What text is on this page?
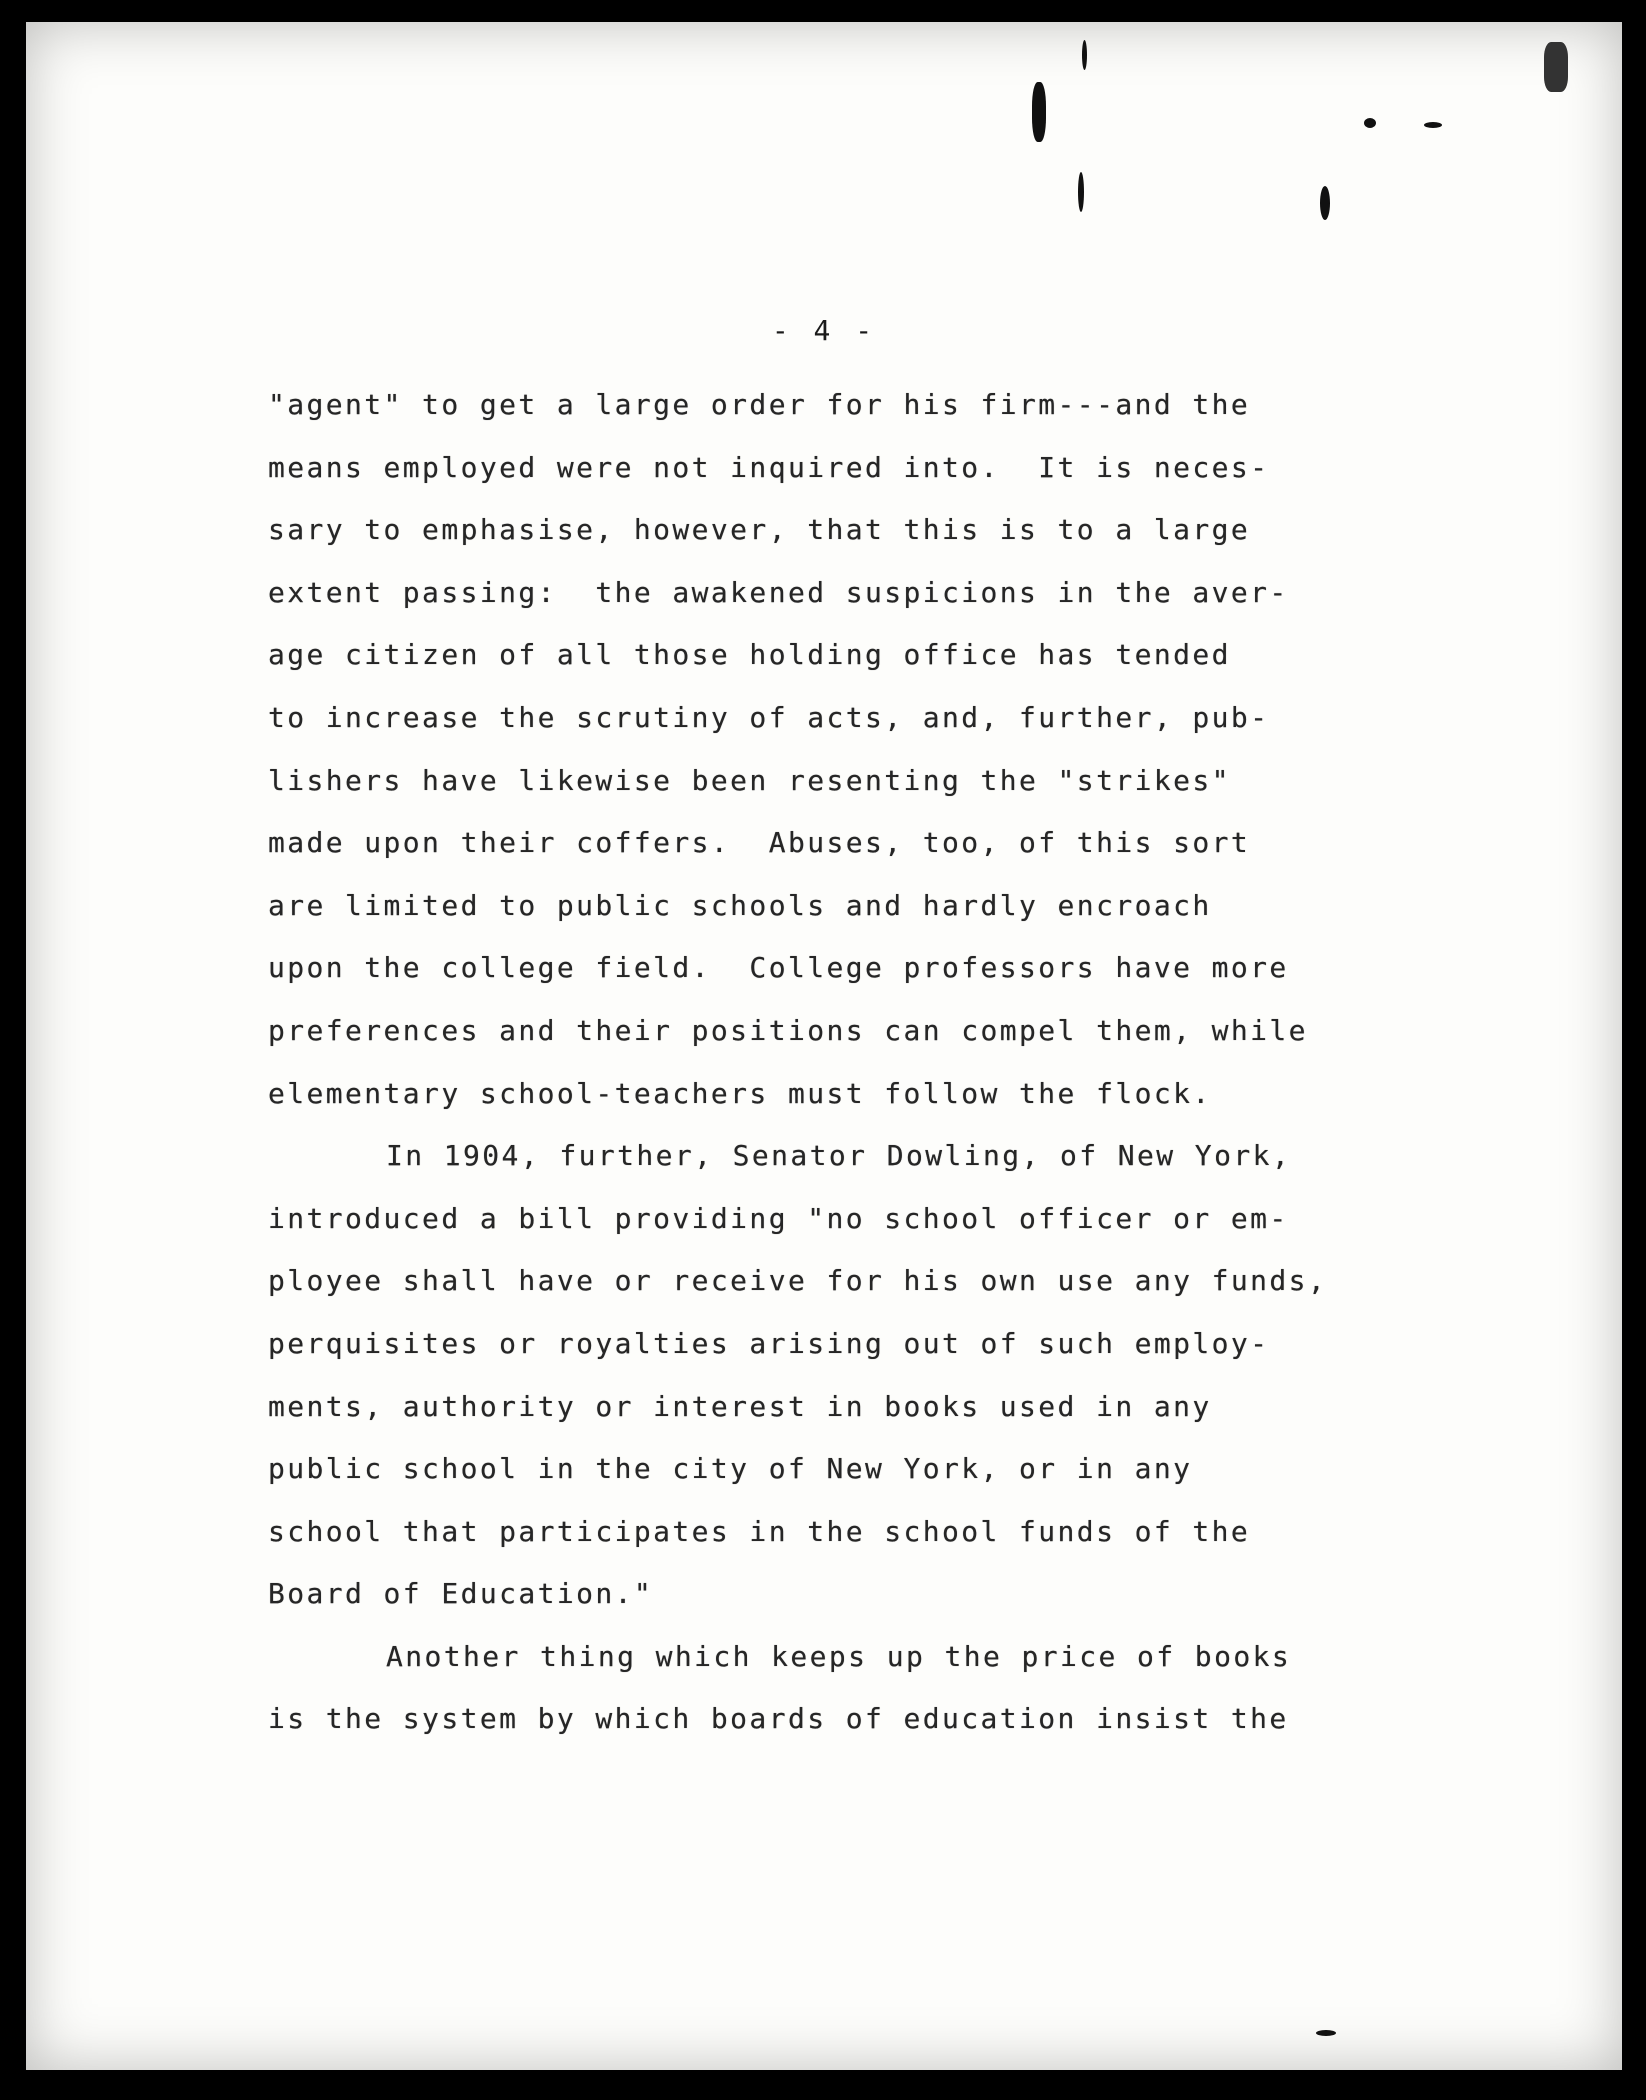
- 4 -
"agent" to get a large order for his firm---and the
means employed were not inquired into.  It is neces-
sary to emphasise, however, that this is to a large
extent passing:  the awakened suspicions in the aver-
age citizen of all those holding office has tended
to increase the scrutiny of acts, and, further, pub-
lishers have likewise been resenting the "strikes"
made upon their coffers.  Abuses, too, of this sort
are limited to public schools and hardly encroach
upon the college field.  College professors have more
preferences and their positions can compel them, while
elementary school-teachers must follow the flock.
In 1904, further, Senator Dowling, of New York,
introduced a bill providing "no school officer or em-
ployee shall have or receive for his own use any funds,
perquisites or royalties arising out of such employ-
ments, authority or interest in books used in any
public school in the city of New York, or in any
school that participates in the school funds of the
Board of Education."
Another thing which keeps up the price of books
is the system by which boards of education insist the
